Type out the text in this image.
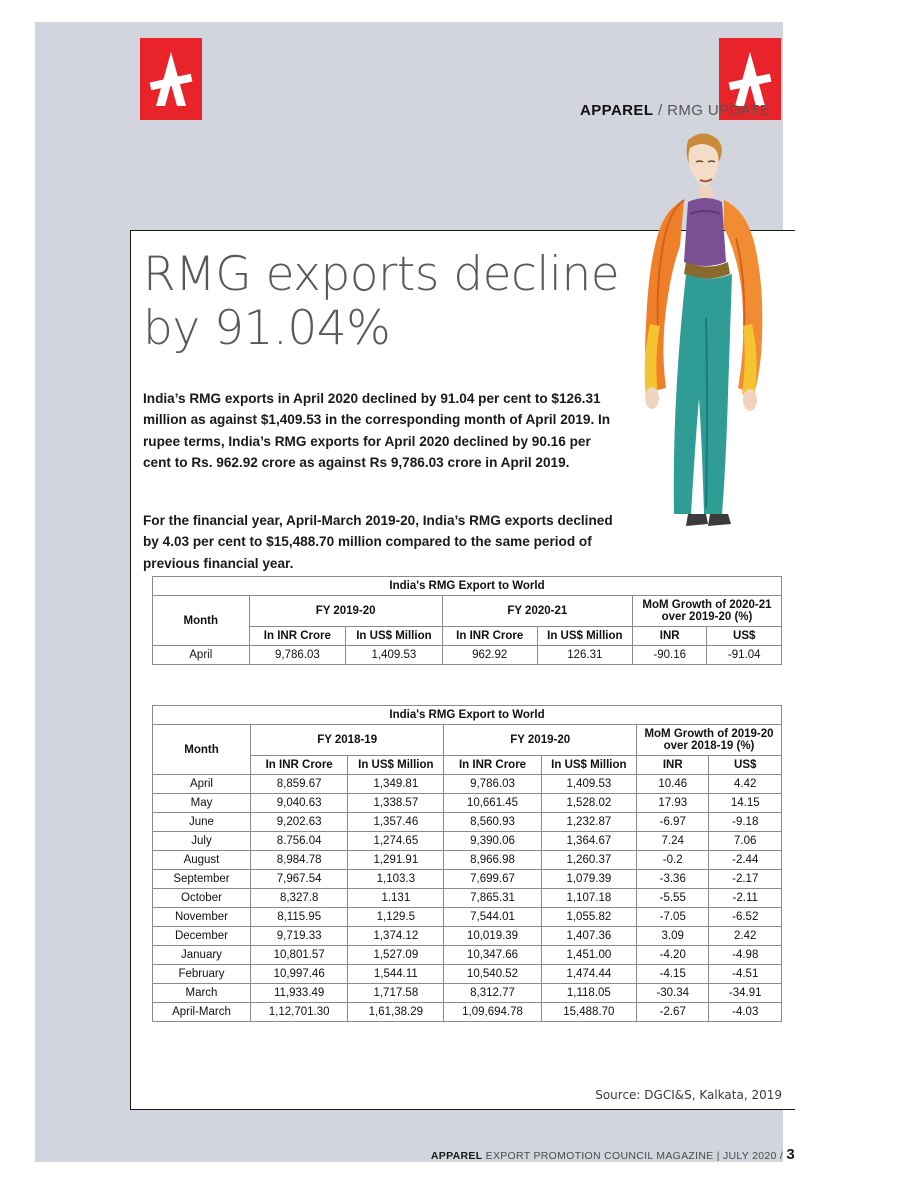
APPAREL / RMG UPDATE
RMG exports decline by 91.04%

India’s RMG exports in April 2020 declined by 91.04 per cent to $126.31 million as against $1,409.53 in the corresponding month of April 2019. In rupee terms, India’s RMG exports for April 2020 declined by 90.16 per cent to Rs. 962.92 crore as against Rs 9,786.03 crore in April 2019.

For the financial year, April-March 2019-20, India’s RMG exports declined by 4.03 per cent to $15,488.70 million compared to the same period of previous financial year.

India's RMG Export to World						
Month	FY 2019-20		FY 2020-21		MoM Growth of 2020-21 over 2019-20 (%)	
	In INR Crore	In US$ Million	In INR Crore	In US$ Million	INR	US$
April	9,786.03	1,409.53	962.92	126.31	-90.16	-91.04
India's RMG Export to World						
Month	FY 2018-19		FY 2019-20		MoM Growth of 2019-20 over 2018-19 (%)	
	In INR Crore	In US$ Million	In INR Crore	In US$ Million	INR	US$
April	8,859.67	1,349.81	9,786.03	1,409.53	10.46	4.42
May	9,040.63	1,338.57	10,661.45	1,528.02	17.93	14.15
June	9,202.63	1,357.46	8,560.93	1,232.87	-6.97	-9.18
July	8.756.04	1,274.65	9,390.06	1,364.67	7.24	7.06
August	8,984.78	1,291.91	8,966.98	1,260.37	-0.2	-2.44
September	7,967.54	1,103.3	7,699.67	1,079.39	-3.36	-2.17
October	8,327.8	1.131	7,865.31	1,107.18	-5.55	-2.11
November	8,115.95	1,129.5	7,544.01	1,055.82	-7.05	-6.52
December	9,719.33	1,374.12	10,019.39	1,407.36	3.09	2.42
January	10,801.57	1,527.09	10,347.66	1,451.00	-4.20	-4.98
February	10,997.46	1,544.11	10,540.52	1,474.44	-4.15	-4.51
March	11,933.49	1,717.58	8,312.77	1,118.05	-30.34	-34.91
April-March	1,12,701.30	1,61,38.29	1,09,694.78	15,488.70	-2.67	-4.03
Source: DGCI&S, Kalkata, 2019
APPAREL EXPORT PROMOTION COUNCIL MAGAZINE | JULY 2020 / 3
